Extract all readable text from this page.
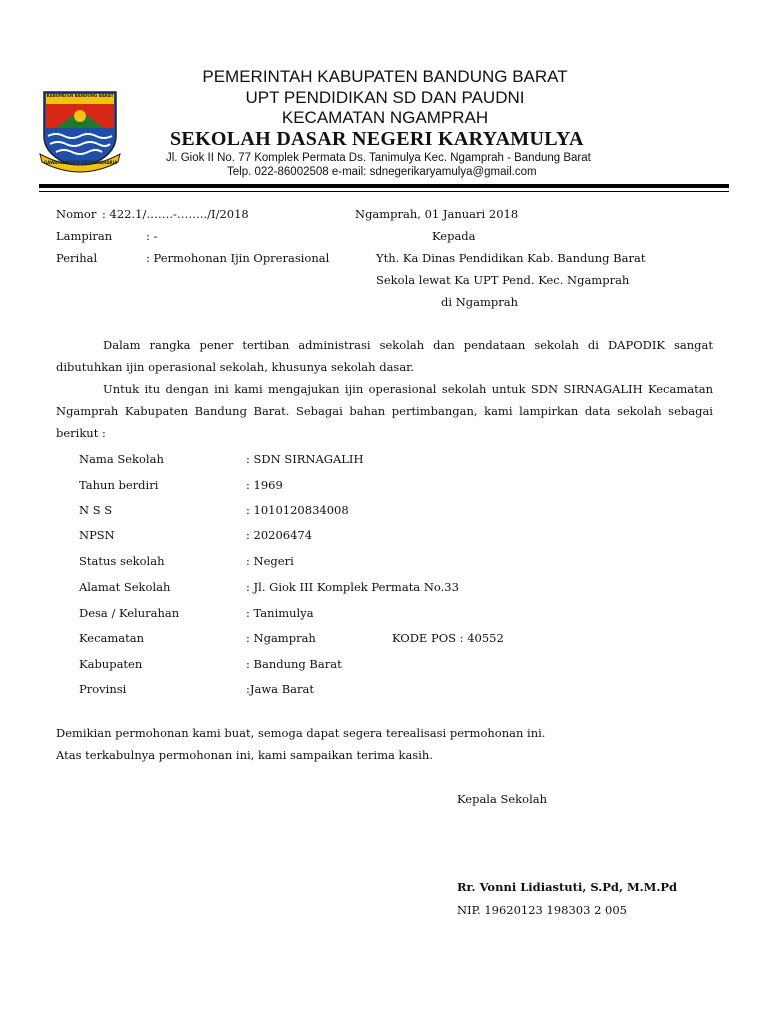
KABUPATEN BANDUNG BARAT
GAWAHA MUKTI KERTA RAHARJA
PEMERINTAH KABUPATEN BANDUNG BARAT
UPT PENDIDIKAN SD DAN PAUDNI
KECAMATAN NGAMPRAH
SEKOLAH DASAR NEGERI KARYAMULYA
Jl. Giok II No. 77 Komplek Permata Ds. Tanimulya Kec. Ngamprah - Bandung Barat
Telp. 022-86002508 e-mail: sdnegerikaryamulya@gmail.com
Nomor : 422.1/…….-……../I/2018	Ngamprah, 01 Januari 2018
Lampiran	: -	Kepada
Perihal	: Permohonan Ijin Oprerasional	Yth. Ka Dinas Pendidikan Kab. Bandung Barat
Sekola lewat Ka UPT Pend. Kec. Ngamprah
di Ngamprah
Dalam rangka pener tertiban administrasi sekolah dan pendataan sekolah di DAPODIK sangat
dibutuhkan ijin operasional sekolah, khusunya sekolah dasar.
Untuk itu dengan ini kami mengajukan ijin operasional sekolah untuk SDN SIRNAGALIH Kecamatan
Ngamprah Kabupaten Bandung Barat. Sebagai bahan pertimbangan, kami lampirkan data sekolah sebagai
berikut :
Nama Sekolah	: SDN SIRNAGALIH
Tahun berdiri	: 1969
N S S	: 1010120834008
NPSN	: 20206474
Status sekolah	: Negeri
Alamat Sekolah	: Jl. Giok III Komplek Permata No.33
Desa / Kelurahan	: Tanimulya
Kecamatan	: Ngamprah	KODE POS : 40552
Kabupaten	: Bandung Barat
Provinsi	:Jawa Barat
Demikian permohonan kami buat, semoga dapat segera terealisasi permohonan ini.
Atas terkabulnya permohonan ini, kami sampaikan terima kasih.
Kepala Sekolah
Rr. Vonni Lidiastuti, S.Pd, M.M.Pd
NIP. 19620123 198303 2 005
